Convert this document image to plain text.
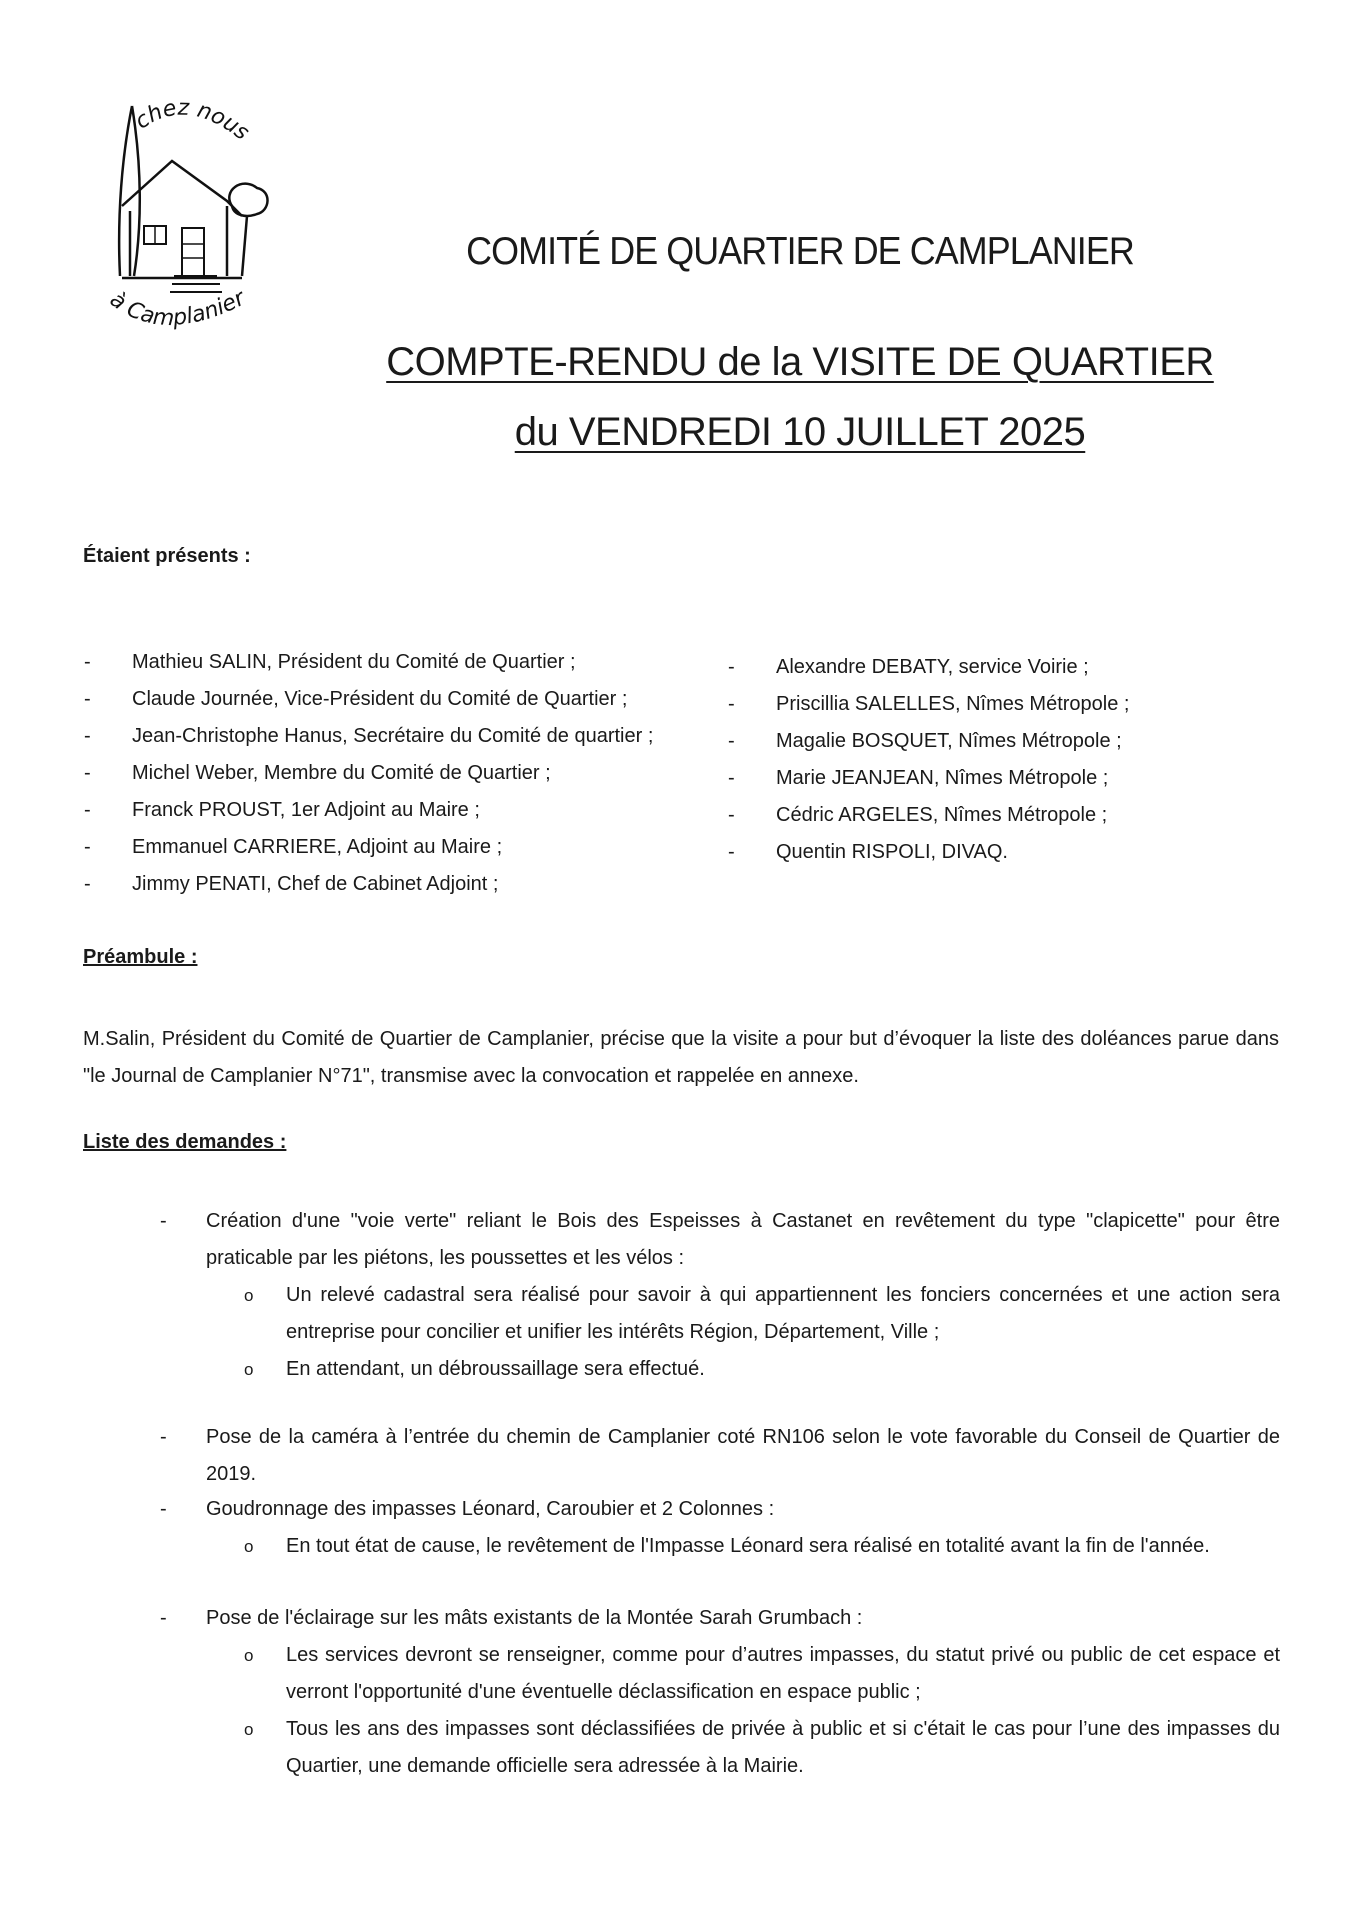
chez nous
à Camplanier
COMITÉ DE QUARTIER DE CAMPLANIER
COMPTE-RENDU de la VISITE DE QUARTIER
du VENDREDI 10 JUILLET 2025
Étaient présents :
-	Mathieu SALIN, Président du Comité de Quartier ;
-	Claude Journée, Vice-Président du Comité de Quartier ;
-	Jean-Christophe Hanus, Secrétaire du Comité de quartier ;
-	Michel Weber, Membre du Comité de Quartier ;
-	Franck PROUST, 1er Adjoint au Maire ;
-	Emmanuel CARRIERE, Adjoint au Maire ;
-	Jimmy PENATI, Chef de Cabinet Adjoint ;
-	Alexandre DEBATY, service Voirie ;
-	Priscillia SALELLES, Nîmes Métropole ;
-	Magalie BOSQUET, Nîmes Métropole ;
-	Marie JEANJEAN, Nîmes Métropole ;
-	Cédric ARGELES, Nîmes Métropole ;
-	Quentin RISPOLI, DIVAQ.
Préambule :
M.Salin, Président du Comité de Quartier de Camplanier, précise que la visite a pour but d’évoquer la liste des doléances parue dans "le Journal de Camplanier N°71", transmise avec la convocation et rappelée en annexe.
Liste des demandes :
- Création d'une "voie verte" reliant le Bois des Espeisses à Castanet en revêtement du type "clapicette" pour être praticable par les piétons, les poussettes et les vélos :
o Un relevé cadastral sera réalisé pour savoir à qui appartiennent les fonciers concernées et une action sera entreprise pour concilier et unifier les intérêts Région, Département, Ville ;
o En attendant, un débroussaillage sera effectué.
- Pose de la caméra à l’entrée du chemin de Camplanier coté RN106 selon le vote favorable du Conseil de Quartier de 2019.
- Goudronnage des impasses Léonard, Caroubier et 2 Colonnes :
o En tout état de cause, le revêtement de l'Impasse Léonard sera réalisé en totalité avant la fin de l'année.
- Pose de l'éclairage sur les mâts existants de la Montée Sarah Grumbach :
o Les services devront se renseigner, comme pour d’autres impasses, du statut privé ou public de cet espace et verront l'opportunité d'une éventuelle déclassification en espace public ;
o Tous les ans des impasses sont déclassifiées de privée à public et si c'était le cas pour l’une des impasses du Quartier, une demande officielle sera adressée à la Mairie.
